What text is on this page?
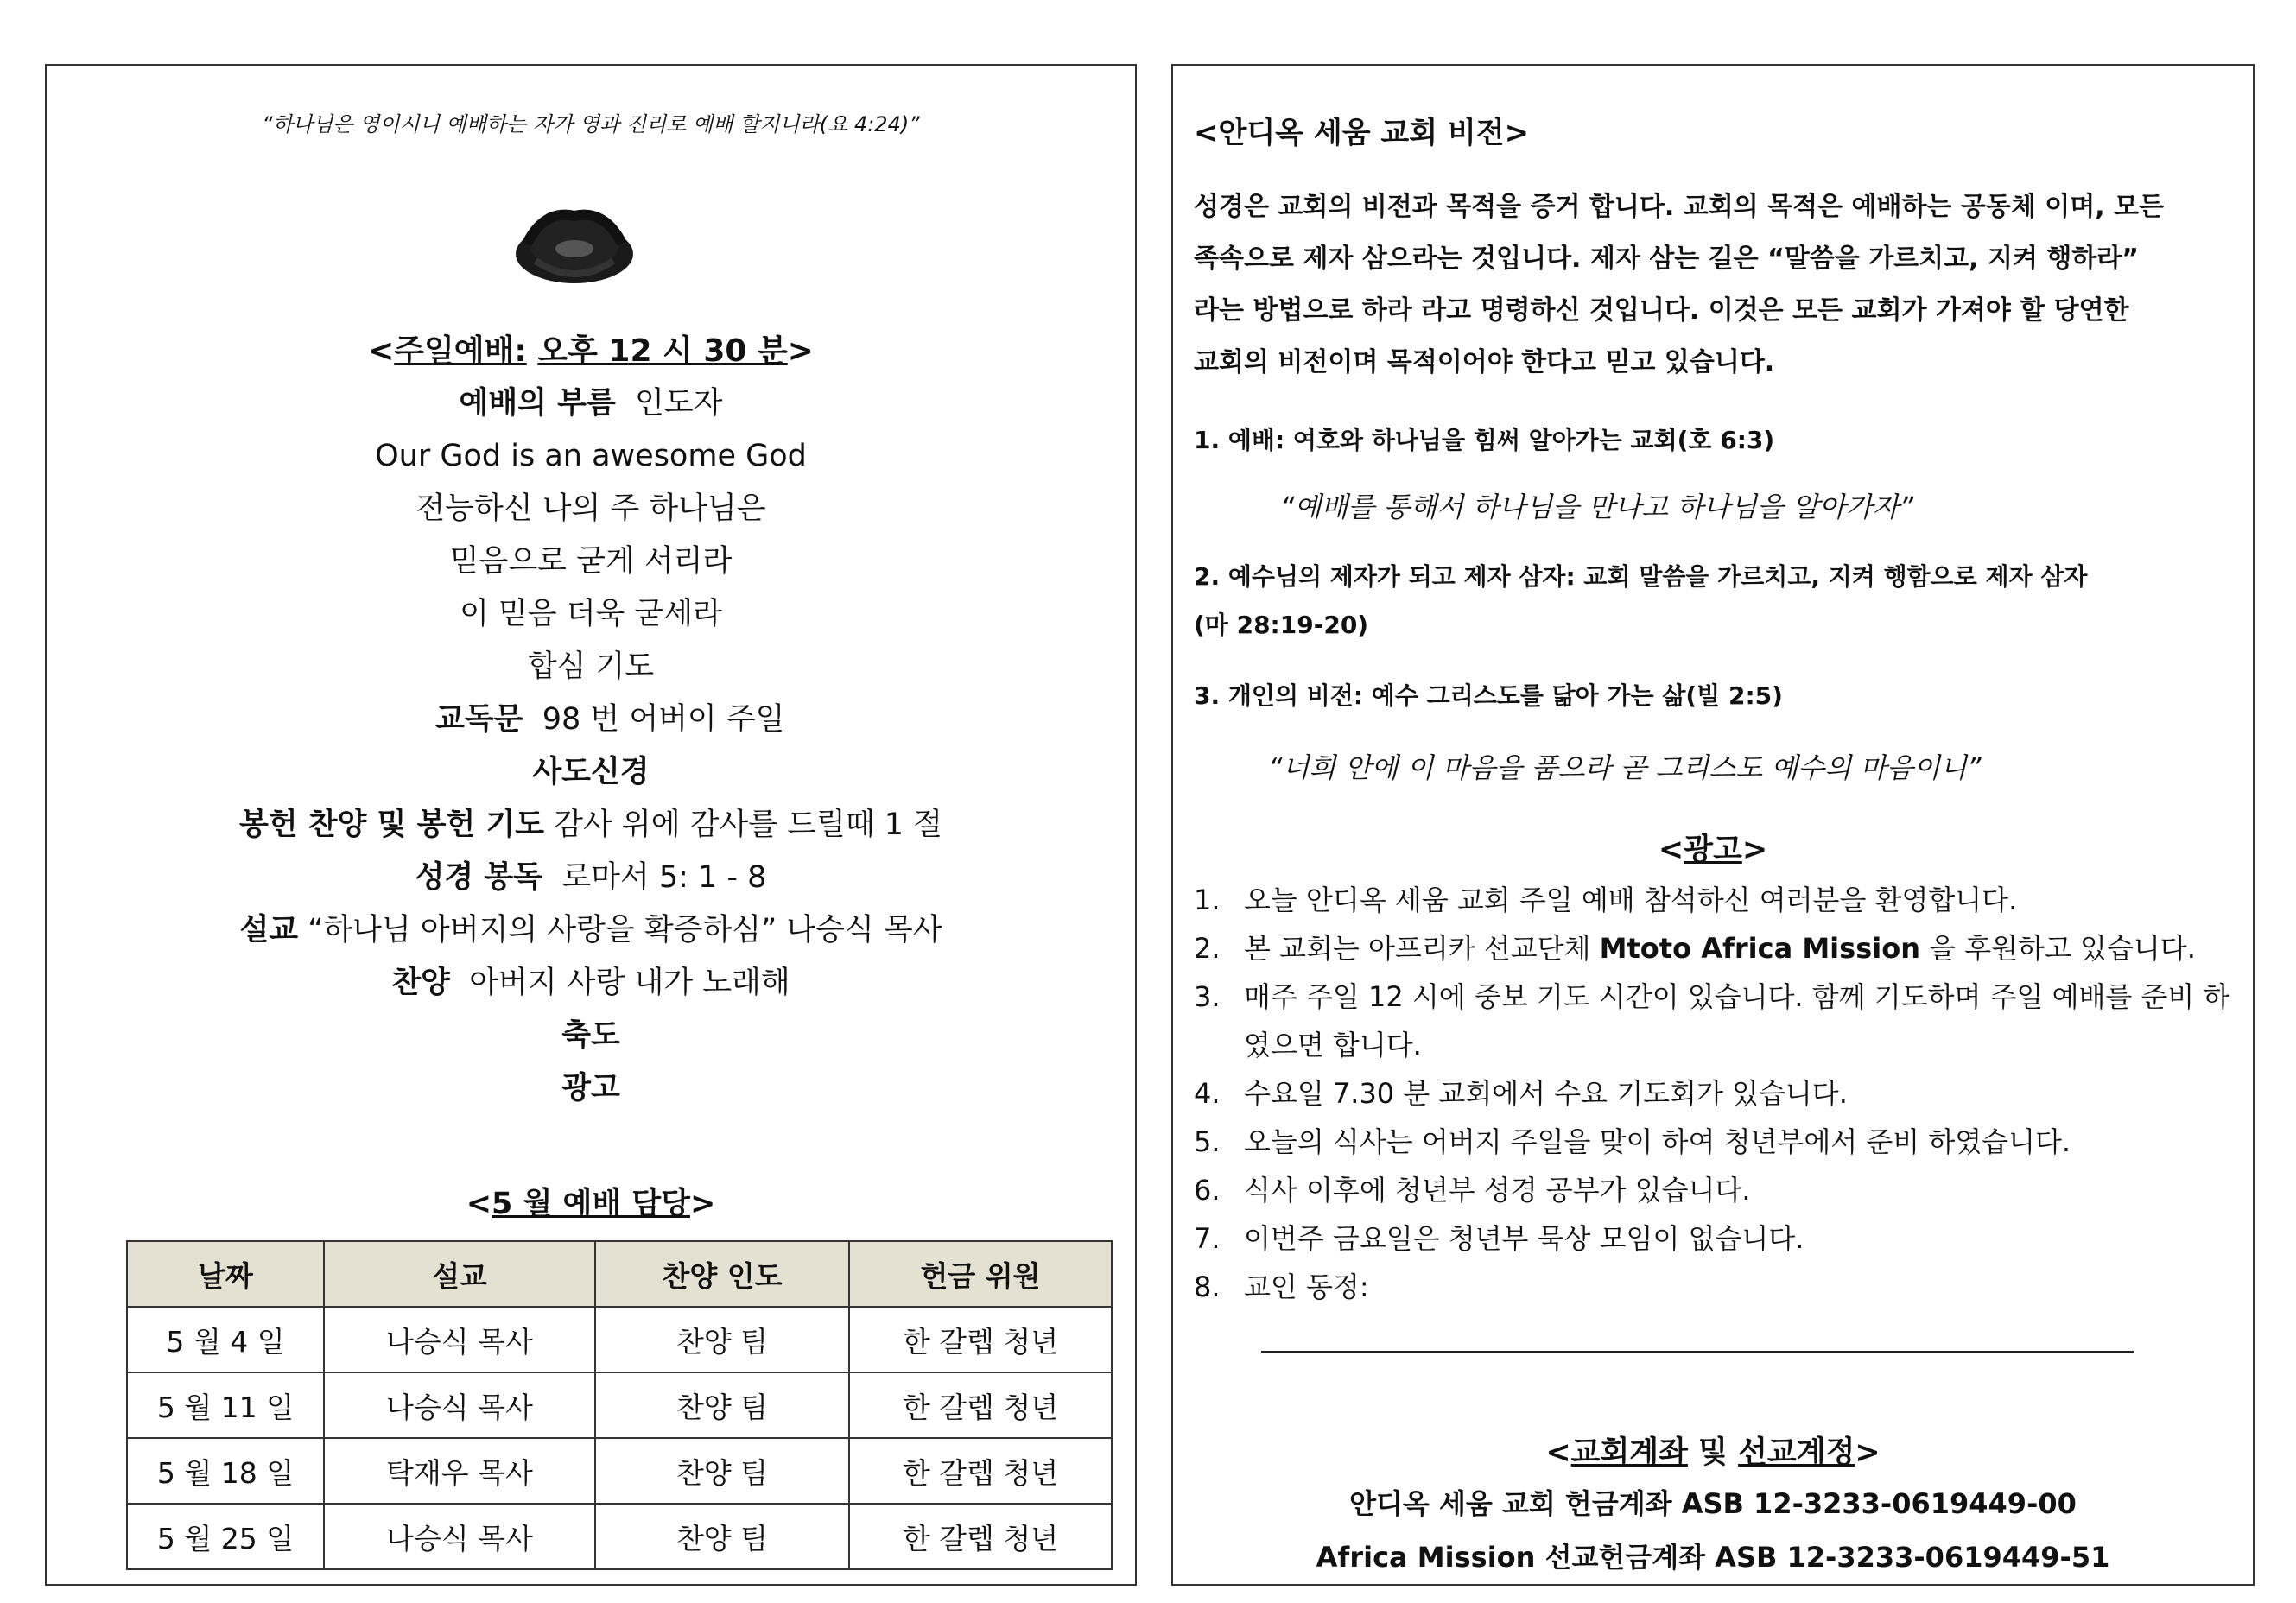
“하나님은 영이시니 예배하는 자가 영과 진리로 예배 할지니라(요 4:24)”
<주일예배: 오후 12 시 30 분>
예배의 부름 인도자
Our God is an awesome God
전능하신 나의 주 하나님은
믿음으로 굳게 서리라
이 믿음 더욱 굳세라
합심 기도
교독문 98 번 어버이 주일
사도신경
봉헌 찬양 및 봉헌 기도 감사 위에 감사를 드릴때 1 절
성경 봉독 로마서 5: 1 - 8
설교 “하나님 아버지의 사랑을 확증하심” 나승식 목사
찬양 아버지 사랑 내가 노래해
축도
광고
<5 월 예배 담당>
날짜	설교	찬양 인도	헌금 위원
5 월 4 일	나승식 목사	찬양 팀	한 갈렙 청년
5 월 11 일	나승식 목사	찬양 팀	한 갈렙 청년
5 월 18 일	탁재우 목사	찬양 팀	한 갈렙 청년
5 월 25 일	나승식 목사	찬양 팀	한 갈렙 청년
<안디옥 세움 교회 비전>
성경은 교회의 비전과 목적을 증거 합니다. 교회의 목적은 예배하는 공동체 이며, 모든
족속으로 제자 삼으라는 것입니다. 제자 삼는 길은 “말씀을 가르치고, 지켜 행하라”
라는 방법으로 하라 라고 명령하신 것입니다. 이것은 모든 교회가 가져야 할 당연한
교회의 비전이며 목적이어야 한다고 믿고 있습니다.
1. 예배: 여호와 하나님을 힘써 알아가는 교회(호 6:3)
“예배를 통해서 하나님을 만나고 하나님을 알아가자”
2. 예수님의 제자가 되고 제자 삼자: 교회 말씀을 가르치고, 지켜 행함으로 제자 삼자
(마 28:19-20)
3. 개인의 비전: 예수 그리스도를 닮아 가는 삶(빌 2:5)
“너희 안에 이 마음을 품으라 곧 그리스도 예수의 마음이니”
<광고>
1. 오늘 안디옥 세움 교회 주일 예배 참석하신 여러분을 환영합니다.
2. 본 교회는 아프리카 선교단체 Mtoto Africa Mission 을 후원하고 있습니다.
3. 매주 주일 12 시에 중보 기도 시간이 있습니다. 함께 기도하며 주일 예배를 준비 하였으면 합니다.
4. 수요일 7.30 분 교회에서 수요 기도회가 있습니다.
5. 오늘의 식사는 어버지 주일을 맞이 하여 청년부에서 준비 하였습니다.
6. 식사 이후에 청년부 성경 공부가 있습니다.
7. 이번주 금요일은 청년부 묵상 모임이 없습니다.
8. 교인 동정:
<교회계좌 및 선교계정>
안디옥 세움 교회 헌금계좌 ASB 12-3233-0619449-00
Africa Mission 선교헌금계좌 ASB 12-3233-0619449-51
